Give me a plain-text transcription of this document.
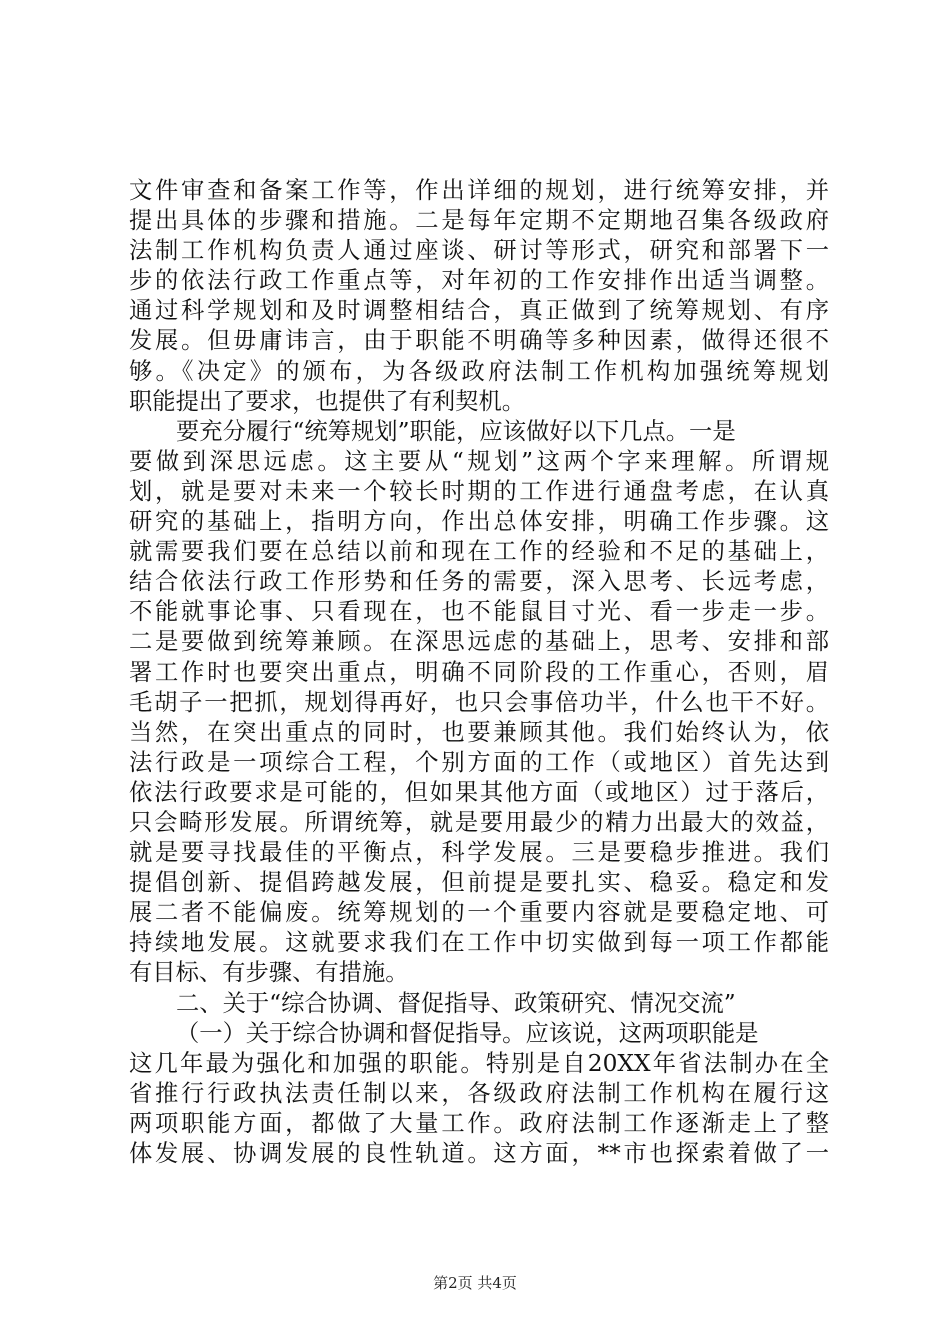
文件审查和备案工作等，作出详细的规划，进行统筹安排，并
提出具体的步骤和措施。二是每年定期不定期地召集各级政府
法制工作机构负责人通过座谈、研讨等形式，研究和部署下一
步的依法行政工作重点等，对年初的工作安排作出适当调整。
通过科学规划和及时调整相结合，真正做到了统筹规划、有序
发展。但毋庸讳言，由于职能不明确等多种因素，做得还很不
够。《决定》的颁布，为各级政府法制工作机构加强统筹规划
职能提出了要求，也提供了有利契机。
要充分履行“统筹规划”职能，应该做好以下几点。一是
要做到深思远虑。这主要从“规划”这两个字来理解。所谓规
划，就是要对未来一个较长时期的工作进行通盘考虑，在认真
研究的基础上，指明方向，作出总体安排，明确工作步骤。这
就需要我们要在总结以前和现在工作的经验和不足的基础上，
结合依法行政工作形势和任务的需要，深入思考、长远考虑，
不能就事论事、只看现在，也不能鼠目寸光、看一步走一步。
二是要做到统筹兼顾。在深思远虑的基础上，思考、安排和部
署工作时也要突出重点，明确不同阶段的工作重心，否则，眉
毛胡子一把抓，规划得再好，也只会事倍功半，什么也干不好。
当然，在突出重点的同时，也要兼顾其他。我们始终认为，依
法行政是一项综合工程，个别方面的工作（或地区）首先达到
依法行政要求是可能的，但如果其他方面（或地区）过于落后，
只会畸形发展。所谓统筹，就是要用最少的精力出最大的效益，
就是要寻找最佳的平衡点，科学发展。三是要稳步推进。我们
提倡创新、提倡跨越发展，但前提是要扎实、稳妥。稳定和发
展二者不能偏废。统筹规划的一个重要内容就是要稳定地、可
持续地发展。这就要求我们在工作中切实做到每一项工作都能
有目标、有步骤、有措施。
二、关于“综合协调、督促指导、政策研究、情况交流”
（一）关于综合协调和督促指导。应该说，这两项职能是
这几年最为强化和加强的职能。特别是自20XX年省法制办在全
省推行行政执法责任制以来，各级政府法制工作机构在履行这
两项职能方面，都做了大量工作。政府法制工作逐渐走上了整
体发展、协调发展的良性轨道。这方面，**市也探索着做了一
第2页 共4页
